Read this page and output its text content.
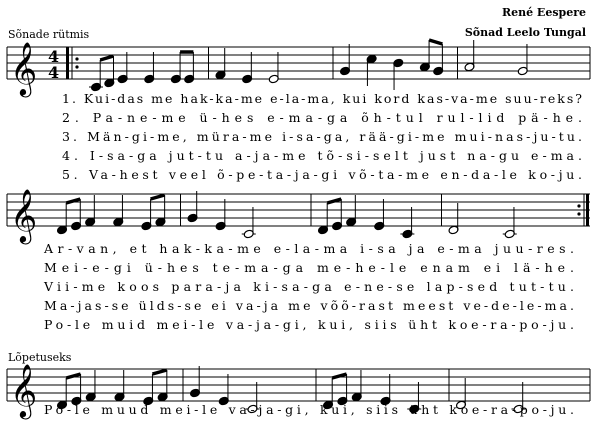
René Eespere
Sõnad Leelo Tungal
Sõnade rütmis
Lõpetuseks
𝄞 4
4
1. Kui-das me hak-ka-me e-la-ma, kui kord kas-va-me suu-reks?
2. Pa-ne-me ü-hes e-ma-ga õh-tul rul-lid pä-he.
3. Män-gi-me, müra-me i-sa-ga, rää-gi-me mui-nas-ju-tu.
4. I-sa-ga jut-tu a-ja-me tõ-si-selt just na-gu e-ma.
5. Va-hest veel õ-pe-ta-ja-gi võ-ta-me en-da-le ko-ju.
𝄞
Ar-van, et hak-ka-me e-la-ma i-sa ja e-ma juu-res.
Mei-e-gi ü-hes te-ma-ga me-he-le enam ei lä-he.
Vii-me koos para-ja ki-sa-ga e-ne-se lap-sed tut-tu.
Ma-jas-se ülds-se ei va-ja me võõ-rast meest ve-de-le-ma.
Po-le muid mei-le va-ja-gi, kui, siis üht koe-ra-po-ju.
𝄞 Po-le muud mei-le va-ja-gi, kui, siis üht koe-ra-po-ju.
